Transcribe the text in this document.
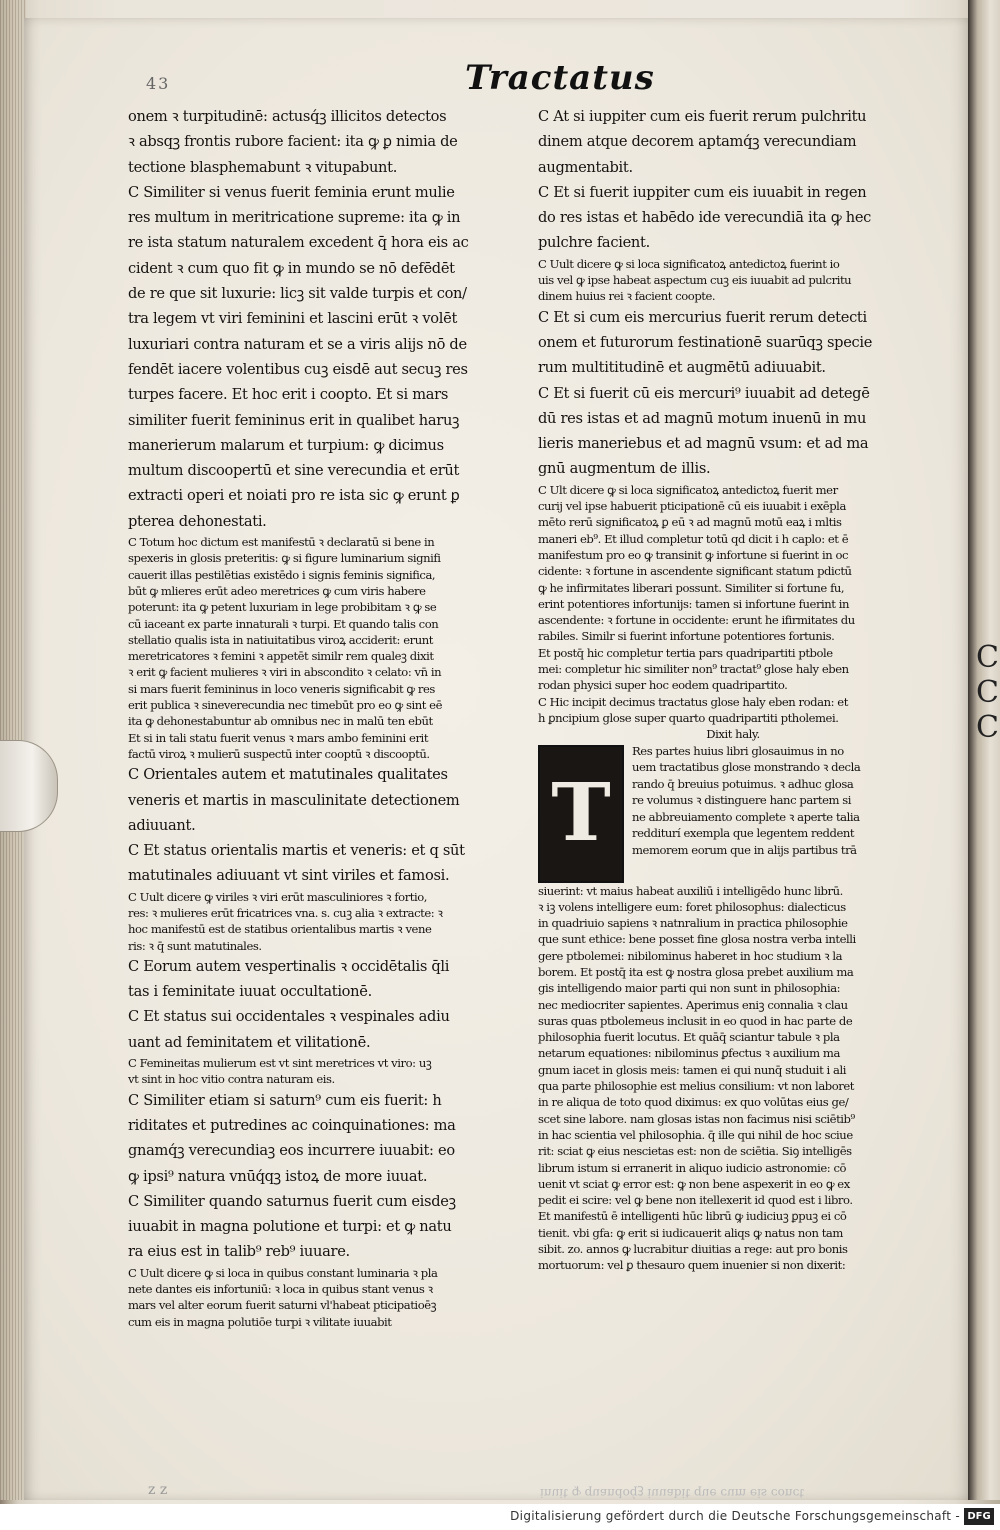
C C C
43	Tractatus

onem ꝛ turpitudinē: actusq́ꝫ illicitos detectos

ꝛ absqꝫ frontis rubore facient: ita ꝙ ꝑ nimia de

tectione blasphemabunt ꝛ vitupabunt.

C Similiter si venus fuerit feminia erunt mulie

res multum in meritricatione supreme: ita ꝙ in

re ista statum naturalem excedent q̄ hora eis ac

cident ꝛ cum quo fit ꝙ in mundo se nō defēdēt

de re que sit luxurie: licꝫ sit valde turpis et con/

tra legem vt viri feminini et lascini erūt ꝛ volēt

luxuriari contra naturam et se a viris alijs nō de

fendēt iacere volentibus cuꝫ eisdē aut secuꝫ res

turpes facere. Et hoc erit i coopto. Et si mars

similiter fuerit femininus erit in qualibet haruꝫ

manerierum malarum et turpium: ꝙ dicimus

multum discoopertū et sine verecundia et erūt

extracti operi et noiati pro re ista sic ꝙ erunt ꝑ

pterea dehonestati.

C Totum hoc dictum est manifestū ꝛ declaratū si bene in

spexeris in glosis preteritis: ꝙ si figure luminarium signifi

cauerit illas pestilētias existēdo i signis feminis significa,

būt ꝙ mlieres erūt adeo meretrices ꝙ cum viris habere

poterunt: ita ꝙ petent luxuriam in lege probibitam ꝛ ꝙ se

cū iaceant ex parte innaturali ꝛ turpi. Et quando talis con

stellatio qualis ista in natiuitatibus viroꝝ acciderit: erunt

meretricatores ꝛ femini ꝛ appetēt similr rem qualeꝫ dixit

ꝛ erit ꝙ facient mulieres ꝛ viri in abscondito ꝛ celato: vn̄ in

si mars fuerit femininus in loco veneris significabit ꝙ res

erit publica ꝛ sineverecundia nec timebūt pro eo ꝙ sint eē

ita ꝙ dehonestabuntur ab omnibus nec in malū ten ebūt

Et si in tali statu fuerit venus ꝛ mars ambo feminini erit

factū viroꝝ ꝛ mulierū suspectū inter cooptū ꝛ discooptū.

C Orientales autem et matutinales qualitates

veneris et martis in masculinitate detectionem

adiuuant.

C Et status orientalis martis et veneris: et q sūt

matutinales adiuuant vt sint viriles et famosi.

C Uult dicere ꝙ viriles ꝛ viri erūt masculiniores ꝛ fortio,

res: ꝛ mulieres erūt fricatrices vna. s. cuꝫ alia ꝛ extracte: ꝛ

hoc manifestū est de statibus orientalibus martis ꝛ vene

ris: ꝛ q̄ sunt matutinales.

C Eorum autem vespertinalis ꝛ occidētalis q̄li

tas i feminitate iuuat occultationē.

C Et status sui occidentales ꝛ vespinales adiu

uant ad feminitatem et vilitationē.

C Femineitas mulierum est vt sint meretrices vt viro: uꝫ

vt sint in hoc vitio contra naturam eis.

C Similiter etiam si saturn⁹ cum eis fuerit: h

riditates et putredines ac coinquinationes: ma

gnamq́ꝫ verecundiaꝫ eos incurrere iuuabit: eo

ꝙ ipsi⁹ natura vnūq́qꝫ istoꝝ de more iuuat.

C Similiter quando saturnus fuerit cum eisdeꝫ

iuuabit in magna polutione et turpi: et ꝙ natu

ra eius est in talib⁹ reb⁹ iuuare.

C Uult dicere ꝙ si loca in quibus constant luminaria ꝛ pla

nete dantes eis infortuniū: ꝛ loca in quibus stant venus ꝛ

mars vel alter eorum fuerit saturni vl'habeat pticipatioēꝫ

cum eis in magna polutiōe turpi ꝛ vilitate iuuabit

C At si iuppiter cum eis fuerit rerum pulchritu

dinem atque decorem aptamq́ꝫ verecundiam

augmentabit.

C Et si fuerit iuppiter cum eis iuuabit in regen

do res istas et habēdo ide verecundiā ita ꝙ hec

pulchre facient.

C Uult dicere ꝙ si loca significatoꝝ antedictoꝝ fuerint io

uis vel ꝙ ipse habeat aspectum cuꝫ eis iuuabit ad pulcritu

dinem huius rei ꝛ facient coopte.

C Et si cum eis mercurius fuerit rerum detecti

onem et futurorum festinationē suarūqꝫ specie

rum multititudinē et augmētū adiuuabit.

C Et si fuerit cū eis mercuri⁹ iuuabit ad detegē

dū res istas et ad magnū motum inuenū in mu

lieris maneriebus et ad magnū vsum: et ad ma

gnū augmentum de illis.

C Ult dicere ꝙ si loca significatoꝝ antedictoꝝ fuerit mer

curij vel ipse habuerit pticipationē cū eis iuuabit i exēpla

mēto rerū significatoꝝ ꝑ eū ꝛ ad magnū motū eaꝝ i mltis

maneri eb⁹. Et illud completur totū qd dicit i h caplo: et ē

manifestum pro eo ꝙ transinit ꝙ infortune si fuerint in oc

cidente: ꝛ fortune in ascendente significant statum pdictū

ꝙ he infirmitates liberari possunt. Similiter si fortune fu,

erint potentiores infortunijs: tamen si infortune fuerint in

ascendente: ꝛ fortune in occidente: erunt he ifirmitates du

rabiles. Similr si fuerint infortune potentiores fortunis.

Et postq̄ hic completur tertia pars quadripartiti ptbole

mei: completur hic similiter non⁹ tractat⁹ glose haly eben

rodan physici super hoc eodem quadripartito.

C Hic incipit decimus tractatus glose haly eben rodan: et

h ꝑncipium glose super quarto quadripartiti ptholemei.

Dixit haly.

T

Res partes huius libri glosauimus in no

uem tractatibus glose monstrando ꝛ decla

rando q̄ breuius potuimus. ꝛ adhuc glosa

re volumus ꝛ distinguere hanc partem si

ne abbreuiamento complete ꝛ aperte talia

redditurí exempla que legentem reddent

memorem eorum que in alijs partibus trā

siuerint: vt maius habeat auxiliū i intelligēdo hunc librū.

ꝛ iꝫ volens intelligere eum: foret philosophus: dialecticus

in quadriuio sapiens ꝛ natnralium in practica philosophie

que sunt ethice: bene posset fine glosa nostra verba intelli

gere ptbolemei: nibilominus haberet in hoc studium ꝛ la

borem. Et postq̄ ita est ꝙ nostra glosa prebet auxilium ma

gis intelligendo maior parti qui non sunt in philosophia:

nec mediocriter sapientes. Aperimus eniꝫ connalia ꝛ clau

suras quas ptbolemeus inclusit in eo quod in hac parte de

philosophia fuerit locutus. Et quāq̄ sciantur tabule ꝛ pla

netarum equationes: nibilominus ꝑfectus ꝛ auxilium ma

gnum iacet in glosis meis: tamen ei qui nunq̄ studuit i ali

qua parte philosophie est melius consilium: vt non laboret

in re aliqua de toto quod diximus: ex quo volūtas eius ge/

scet sine labore. nam glosas istas non facimus nisi sciētib⁹

in hac scientia vel philosophia. q̄ ille qui nihil de hoc sciue

rit: sciat ꝙ eius nescietas est: non de sciētia. Siꝯ intelligēs

librum istum si erranerit in aliquo iudicio astronomie: cō

uenit vt sciat ꝙ error est: ꝙ non bene aspexerit in eo ꝙ ex

pedit ei scire: vel ꝙ bene non itellexerit id quod est i libro.

Et manifestū ē intelligenti hūc librū ꝙ iudiciuꝫ ꝑpuꝫ ei cō

tienit. vbi gfa: ꝙ erit si iudicauerit aliqs ꝙ natus non tam

sibit. zo. annos ꝙ lucrabitur diuitias a rege: aut pro bonis

mortuorum: vel ꝑ thesauro quem inuenier si non dixerit:

z z	inuit ꝙ quandoq́ꝫ iuuabit que cum eis conct
Digitalisierung gefördert durch die Deutsche Forschungsgemeinschaft - DFG
